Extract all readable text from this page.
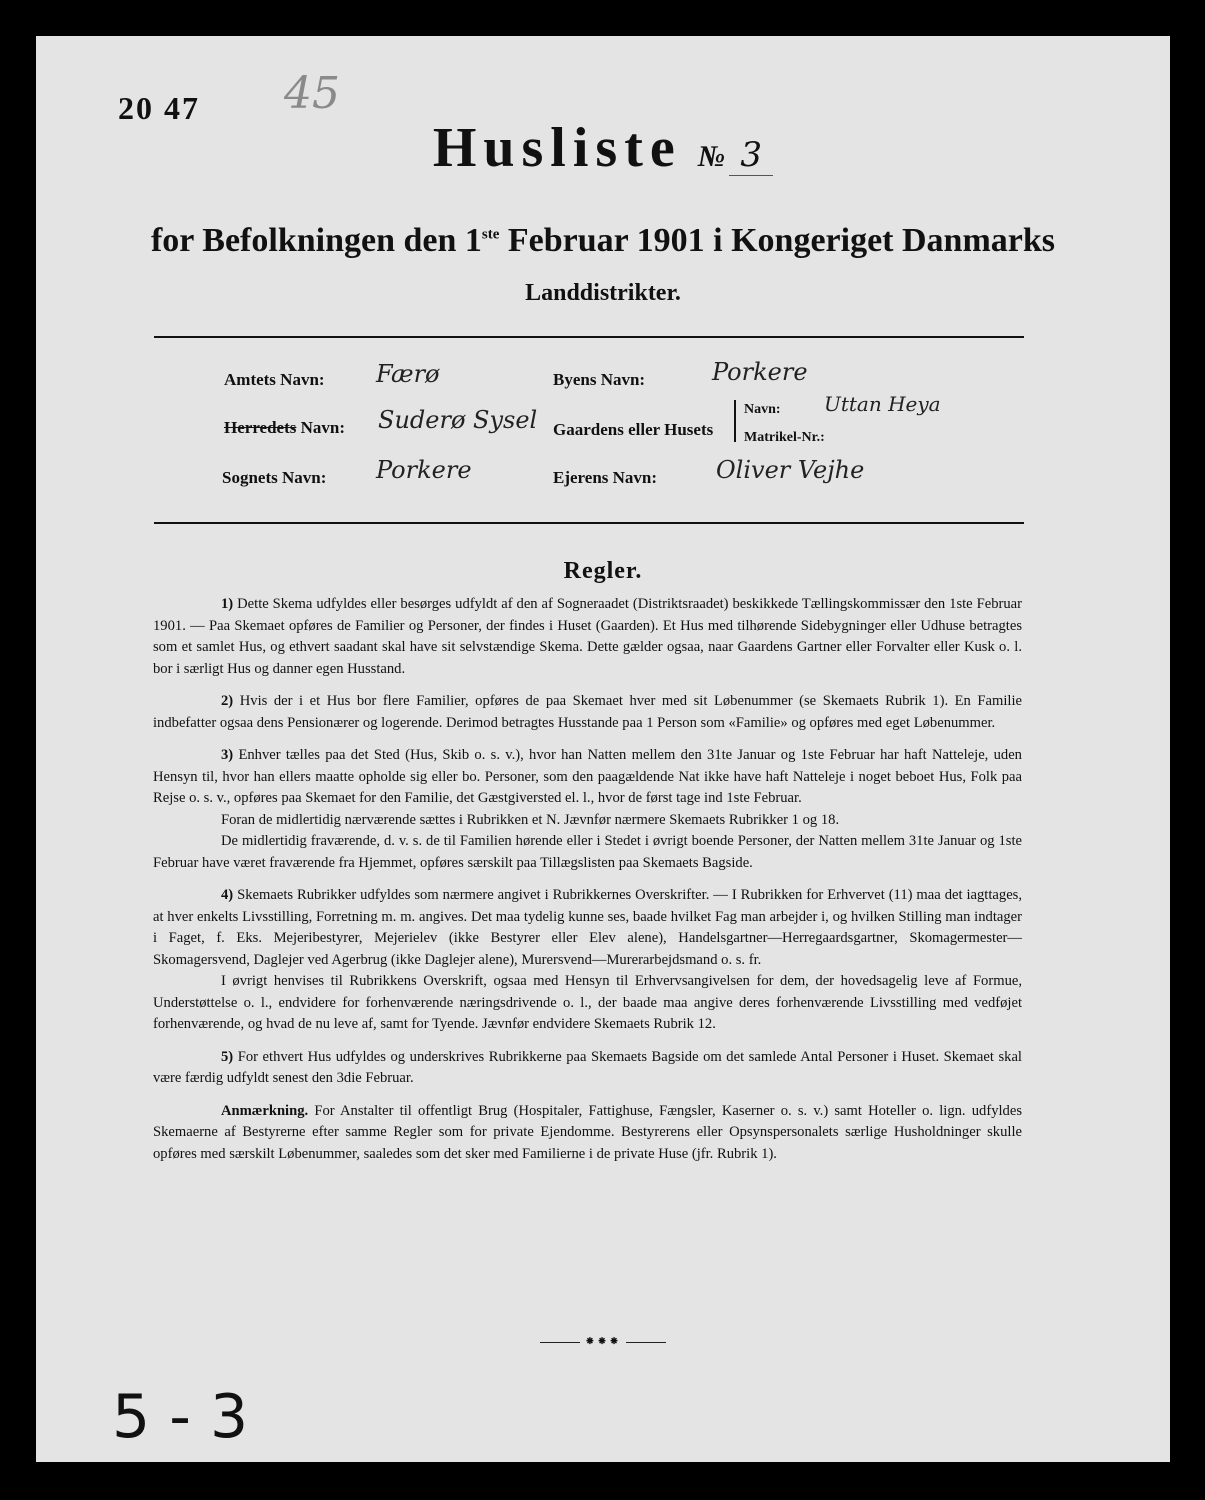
20 47 45
Husliste № 3
for Befolkningen den 1ste Februar 1901 i Kongeriget Danmarks
Landdistrikter.
Amtets Navn: Færø	Byens Navn:	Porkere
Herredets Navn: Suderø Sysel Gaardens eller Husets
Navn: Uttan Heya
Matrikel-Nr.:
Sognets Navn: Porkere	Ejerens Navn: Oliver Vejhe
Regler.

1) Dette Skema udfyldes eller besørges udfyldt af den af Sogneraadet (Distriktsraadet) beskikkede Tællingskommissær den 1ste Februar 1901. — Paa Skemaet opføres de Familier og Personer, der findes i Huset (Gaarden). Et Hus med tilhørende Sidebygninger eller Udhuse betragtes som et samlet Hus, og ethvert saadant skal have sit selvstændige Skema. Dette gælder ogsaa, naar Gaardens Gartner eller Forvalter eller Kusk o. l. bor i særligt Hus og danner egen Husstand.

2) Hvis der i et Hus bor flere Familier, opføres de paa Skemaet hver med sit Løbenummer (se Skemaets Rubrik 1). En Familie indbefatter ogsaa dens Pensionærer og logerende. Derimod betragtes Husstande paa 1 Person som «Familie» og opføres med eget Løbenummer.

3) Enhver tælles paa det Sted (Hus, Skib o. s. v.), hvor han Natten mellem den 31te Januar og 1ste Februar har haft Natteleje, uden Hensyn til, hvor han ellers maatte opholde sig eller bo. Personer, som den paagældende Nat ikke have haft Natteleje i noget beboet Hus, Folk paa Rejse o. s. v., opføres paa Skemaet for den Familie, det Gæstgiversted el. l., hvor de først tage ind 1ste Februar.

Foran de midlertidig nærværende sættes i Rubrikken et N. Jævnfør nærmere Skemaets Rubrikker 1 og 18.

De midlertidig fraværende, d. v. s. de til Familien hørende eller i Stedet i øvrigt boende Personer, der Natten mellem 31te Januar og 1ste Februar have været fraværende fra Hjemmet, opføres særskilt paa Tillægslisten paa Skemaets Bagside.

4) Skemaets Rubrikker udfyldes som nærmere angivet i Rubrikkernes Overskrifter. — I Rubrikken for Erhvervet (11) maa det iagttages, at hver enkelts Livsstilling, Forretning m. m. angives. Det maa tydelig kunne ses, baade hvilket Fag man arbejder i, og hvilken Stilling man indtager i Faget, f. Eks. Mejeribestyrer, Mejerielev (ikke Bestyrer eller Elev alene), Handelsgartner—Herregaardsgartner, Skomagermester—Skomagersvend, Daglejer ved Agerbrug (ikke Daglejer alene), Murersvend—Murerarbejdsmand o. s. fr.

I øvrigt henvises til Rubrikkens Overskrift, ogsaa med Hensyn til Erhvervsangivelsen for dem, der hovedsagelig leve af Formue, Understøttelse o. l., endvidere for forhenværende næringsdrivende o. l., der baade maa angive deres forhenværende Livsstilling med vedføjet forhenværende, og hvad de nu leve af, samt for Tyende. Jævnfør endvidere Skemaets Rubrik 12.

5) For ethvert Hus udfyldes og underskrives Rubrikkerne paa Skemaets Bagside om det samlede Antal Personer i Huset. Skemaet skal være færdig udfyldt senest den 3die Februar.

Anmærkning. For Anstalter til offentligt Brug (Hospitaler, Fattighuse, Fængsler, Kaserner o. s. v.) samt Hoteller o. lign. udfyldes Skemaerne af Bestyrerne efter samme Regler som for private Ejendomme. Bestyrerens eller Opsynspersonalets særlige Husholdninger skulle opføres med særskilt Løbenummer, saaledes som det sker med Familierne i de private Huse (jfr. Rubrik 1).

⁕⁕⁕
5 - 3
